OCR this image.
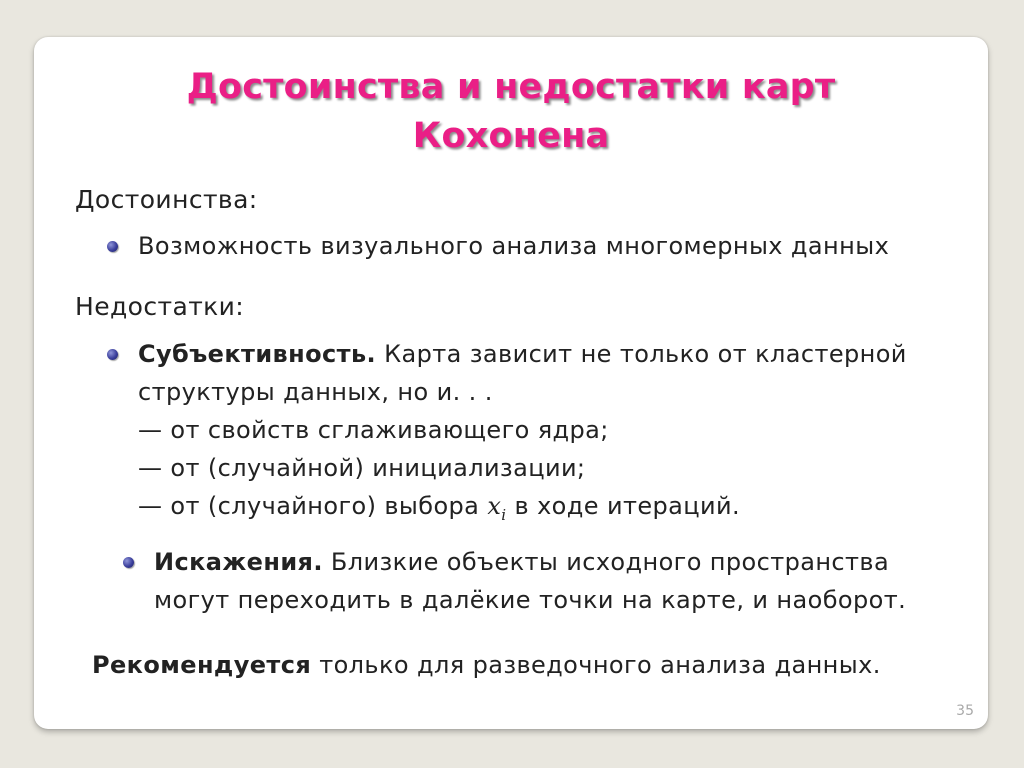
Достоинства и недостатки карт
Кохонена
Достоинства:
Возможность визуального анализа многомерных данных
Недостатки:
Субъективность. Карта зависит не только от кластерной
структуры данных, но и. . .
— от свойств сглаживающего ядра;
— от (случайной) инициализации;
— от (случайного) выбора $x_i$ в ходе итераций.
Искажения. Близкие объекты исходного пространства
могут переходить в далёкие точки на карте, и наоборот.
Рекомендуется только для разведочного анализа данных.
35
